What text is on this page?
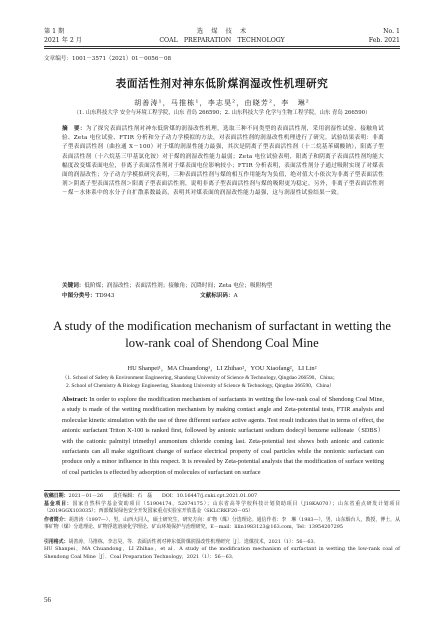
第 1 期
2021 年 2 月
选　煤　技　术
COAL　PREPARATION　TECHNOLOGY
No. 1
Feb. 2021
文章编号：1001－3571（2021）01－0056－08
表面活性剂对神东低阶煤润湿改性机理研究
胡善涛¹，马推栋¹，李志昊²，由晓芳²，李　琳²
（1. 山东科技大学 安全与环境工程学院，山东 青岛 266590；2. 山东科技大学 化学与生物工程学院，山东 青岛 266590）
摘　要：为了探究表面活性剂对神东低阶煤的润湿改性机理，选取三种不同类型的表面活性剂，采用润湿性试验、接触角试验、Zeta 电位试验、FTIR 分析和分子动力学模拟的方法，对表面活性剂的润湿改性机理进行了研究。试验结果表明：非离子型表面活性剂（曲拉通 X－100）对于煤的润湿性能力最强，其次是阴离子型表面活性剂（十二烷基苯磺酸钠），阳离子型表面活性剂（十六烷基三甲基氯化铵）对于煤的润湿改性能力最弱；Zeta 电位试验表明，阳离子和阴离子表面活性剂均能大幅度改变煤表面电位，非离子表面活性剂对于煤表面电位影响较小；FTIR 分析表明，表面活性剂分子通过吸附实现了对煤表面的润湿改性；分子动力学模拟研究表明，三种表面活性剂与煤的相互作用能均为负值，绝对值大小依次为非离子型表面活性剂＞阴离子型表面活性剂＞阳离子型表面活性剂，说明非离子型表面活性剂与煤的吸附更为稳定。另外，非离子型表面活性剂－煤－水体系中的水分子自扩散系数最高，表明其对煤表面的润湿改性能力最强，这与润湿性试验结果一致。
关键词：低阶煤；润湿改性；表面活性剂；接触角；沉降时间；Zeta 电位；吸附构型
中图分类号：TD943	文献标识码：A
A study of the modification mechanism of surfactant in wetting the low-rank coal of Shendong Coal Mine
HU Shanpei¹，MA Chuandong¹，LI Zhihao²，YOU Xiaofang²，LI Lin²
（1. School of Safety & Environment Engineering, Shandong University of Science & Technology, Qingdao 266590，China；
2. School of Chemistry & Biology Engineering, Shandong University of Science & Technology, Qingdao 266590，China）
Abstract: In order to explore the modification mechanism of surfactants in wetting the low-rank coal of Shendong Coal Mine, a study is made of the wetting modification mechanism by making contact angle and Zeta-potential tests, FTIR analysis and molecular kinetic simulation with the use of three different surface active agents. Test result indicates that in terms of effect, the anionic surfactant Triton X-100 is ranked first, followed by anionic surfactant sodium dodecyl benzene sulfonate（SDBS）with the cationic palmityl trimethyl ammonium chloride coming last. Zeta-potential test shows both anionic and cationic surfactants can all make significant change of surface electrical property of coal particles while the nonionic surfactant can produce only a minor influence in this respect. It is revealed by Zeta-potential analysis that the modification of surface wetting of coal particles is effected by adsorption of molecules of surfactant on surface
收稿日期：2021－01－26　　责任编辑：石　磊　　DOI：10.16447/j.cnki.cpt.2021.01.007
基金项目：国家自然科学基金资助项目（51904174，52074175）；山东省高等学校科技计划资助项目（J18KA070）；山东省重点研发计划项目（2019GGX103035）；西部煤炭绿色安全开发国家重点实验室开放基金（SKLCRKF20－05）
作者简介：胡善涛（1997—），男，山西大同人，硕士研究生，研究方向：矿物（煤）分选理论。通信作者：李　琳（1983—），男，山东烟台人，教授，博士，从事矿物（煤）分选理论、矿物浮选溶液化学理论、矿山环境保护与治理研究。E－mail：lilin1983123@163.com，Tel：13954207295
引用格式：胡善涛，马推栋，李志昊，等．表面活性剂对神东低阶煤润湿改性机理研究［J］．选煤技术，2021（1）：56－63．
HU Shanpei，MA Chuandong，LI Zhihao，et al．A study of the modification mechanism of surfactant in wetting the low-rank coal of Shendong Coal Mine［J］．Coal Preparation Technology，2021（1）：56－63．
56
